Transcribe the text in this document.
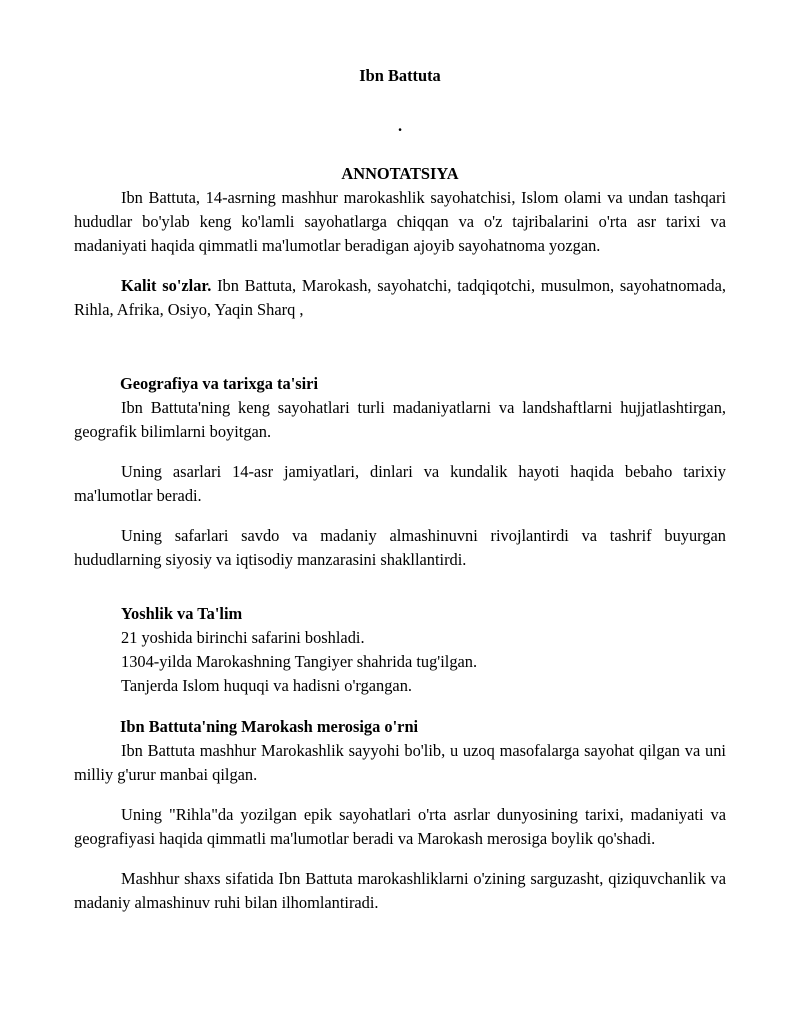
Ibn Battuta
.
ANNOTATSIYA

Ibn Battuta, 14-asrning mashhur marokashlik sayohatchisi, Islom olami va undan tashqari hududlar bo'ylab keng ko'lamli sayohatlarga chiqqan va o'z tajribalarini o'rta asr tarixi va madaniyati haqida qimmatli ma'lumotlar beradigan ajoyib sayohatnoma yozgan.

Kalit so'zlar. Ibn Battuta, Marokash, sayohatchi, tadqiqotchi, musulmon, sayohatnomada, Rihla, Afrika, Osiyo, Yaqin Sharq ,

Geografiya va tarixga ta'siri

Ibn Battuta'ning keng sayohatlari turli madaniyatlarni va landshaftlarni hujjatlashtirgan, geografik bilimlarni boyitgan.

Uning asarlari 14-asr jamiyatlari, dinlari va kundalik hayoti haqida bebaho tarixiy ma'lumotlar beradi.

Uning safarlari savdo va madaniy almashinuvni rivojlantirdi va tashrif buyurgan hududlarning siyosiy va iqtisodiy manzarasini shakllantirdi.

Yoshlik va Ta'lim
21 yoshida birinchi safarini boshladi.
1304-yilda Marokashning Tangiyer shahrida tug'ilgan.
Tanjerda Islom huquqi va hadisni o'rgangan.
Ibn Battuta'ning Marokash merosiga o'rni

Ibn Battuta mashhur Marokashlik sayyohi bo'lib, u uzoq masofalarga sayohat qilgan va uni milliy g'urur manbai qilgan.

Uning "Rihla"da yozilgan epik sayohatlari o'rta asrlar dunyosining tarixi, madaniyati va geografiyasi haqida qimmatli ma'lumotlar beradi va Marokash merosiga boylik qo'shadi.

Mashhur shaxs sifatida Ibn Battuta marokashliklarni o'zining sarguzasht, qiziquvchanlik va madaniy almashinuv ruhi bilan ilhomlantiradi.
